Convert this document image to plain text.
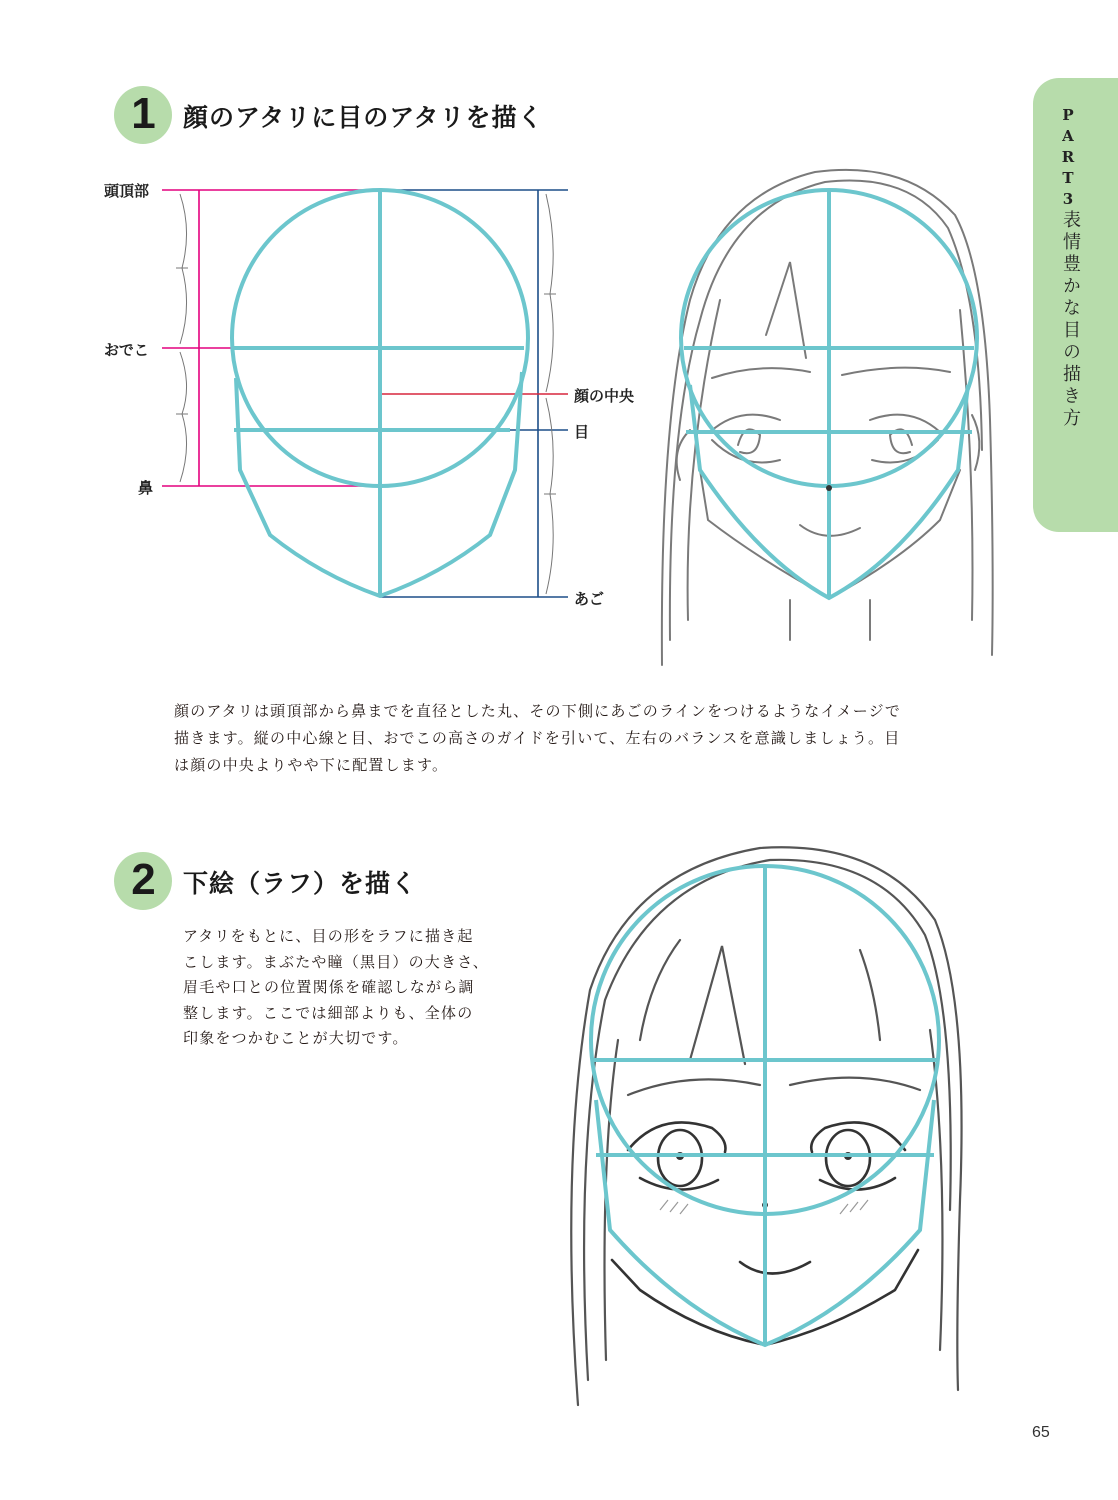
P
A
R
T
3
表情豊かな目の描き方
1 顔のアタリに目のアタリを描く
頭頂部
おでこ
鼻
顔の中央
目
あご

顔のアタリは頭頂部から鼻までを直径とした丸、その下側にあごのラインをつけるようなイメージで
描きます。縦の中心線と目、おでこの高さのガイドを引いて、左右のバランスを意識しましょう。目
は顔の中央よりやや下に配置します。

2 下絵（ラフ）を描く

アタリをもとに、目の形をラフに描き起
こします。まぶたや瞳（黒目）の大きさ、
眉毛や口との位置関係を確認しながら調
整します。ここでは細部よりも、全体の
印象をつかむことが大切です。

65
